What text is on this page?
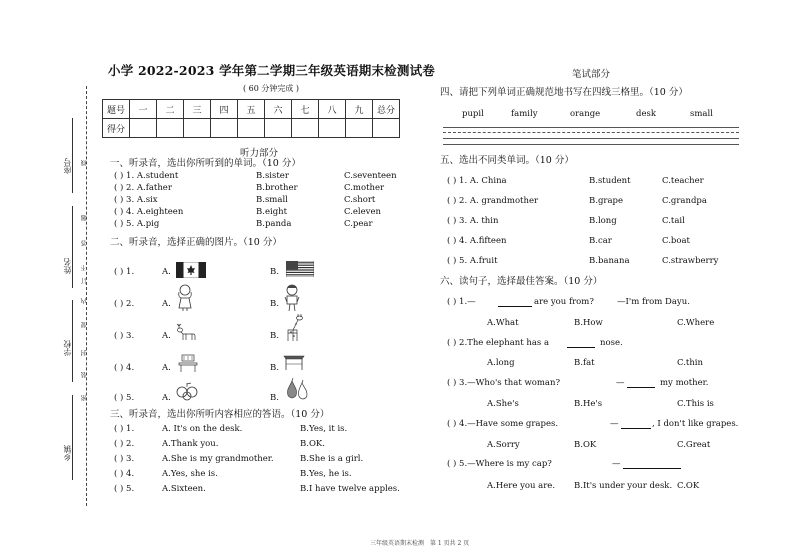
座号
姓名
学校
乡镇
线
题
答
不
订
内
要
封
装
密
小学 2022-2023 学年第二学期三年级英语期末检测试卷
( 60 分钟完成 )
题号	一	二	三	四	五	六	七	八	九	总分
得分										
听力部分
一、听录音，选出你所听到的单词。（10 分）
( ) 1. A.student	B.sister	C.seventeen
( ) 2. A.father	B.brother	C.mother
( ) 3. A.six	B.small	C.short
( ) 4. A.eighteen	B.eight	C.eleven
( ) 5. A.pig	B.panda	C.pear
二、听录音，选择正确的图片。（10 分）
( ) 1.	A.	B.
( ) 2.	A.	B.
( ) 3.	A.	B.
( ) 4.	A.	B.
( ) 5.	A.	B.
三、听录音，选出你所听内容相应的答语。（10 分）
( ) 1.	A. It's on the desk.	B.Yes, it is.
( ) 2.	A.Thank you.	B.OK.
( ) 3.	A.She is my grandmother.	B.She is a girl.
( ) 4.	A.Yes, she is.	B.Yes, he is.
( ) 5.	A.Sixteen.	B.I have twelve apples.
笔试部分
四、请把下列单词正确规范地书写在四线三格里。（10 分）
pupil	family	orange	desk	small
五、选出不同类单词。（10 分）
( ) 1. A. China	B.student	C.teacher
( ) 2. A. grandmother	B.grape	C.grandpa
( ) 3. A. thin	B.long	C.tail
( ) 4. A.fifteen	B.car	C.boat
( ) 5. A.fruit	B.banana	C.strawberry
六、读句子，选择最佳答案。（10 分）
( ) 1.—	are you from?	—I'm from Dayu.
A.What	B.How	C.Where
( ) 2.The elephant has a	nose.
A.long	B.fat	C.thin
( ) 3.—Who's that woman?	—	my mother.
A.She's	B.He's	C.This is
( ) 4.—Have some grapes.	—	, I don't like grapes.
A.Sorry	B.OK	C.Great
( ) 5.—Where is my cap?	—
A.Here you are. B.It's under your desk. C.OK
三年级英语期末检测　第 1 页共 2 页
